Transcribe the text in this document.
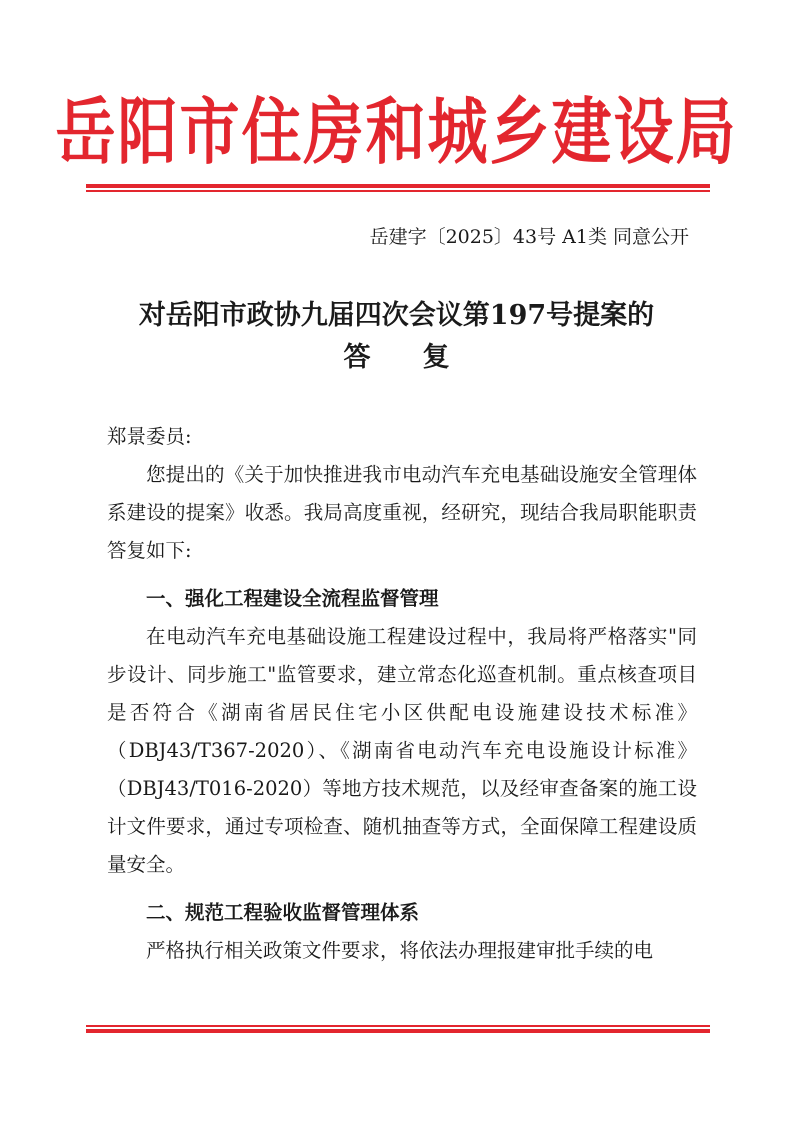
岳阳市住房和城乡建设局
岳建字〔2025〕43号 A1类 同意公开
对岳阳市政协九届四次会议第197号提案的
答复
郑景委员:
您提出的《关于加快推进我市电动汽车充电基础设施安全管理体系建设的提案》收悉。我局高度重视，经研究，现结合我局职能职责答复如下:
一、强化工程建设全流程监督管理
在电动汽车充电基础设施工程建设过程中，我局将严格落实"同步设计、同步施工"监管要求，建立常态化巡查机制。重点核查项目是否符合《湖南省居民住宅小区供配电设施建设技术标准》（DBJ43/T367-2020）、《湖南省电动汽车充电设施设计标准》（DBJ43/T016-2020）等地方技术规范，以及经审查备案的施工设计文件要求，通过专项检查、随机抽查等方式，全面保障工程建设质量安全。
二、规范工程验收监督管理体系
严格执行相关政策文件要求，将依法办理报建审批手续的电
